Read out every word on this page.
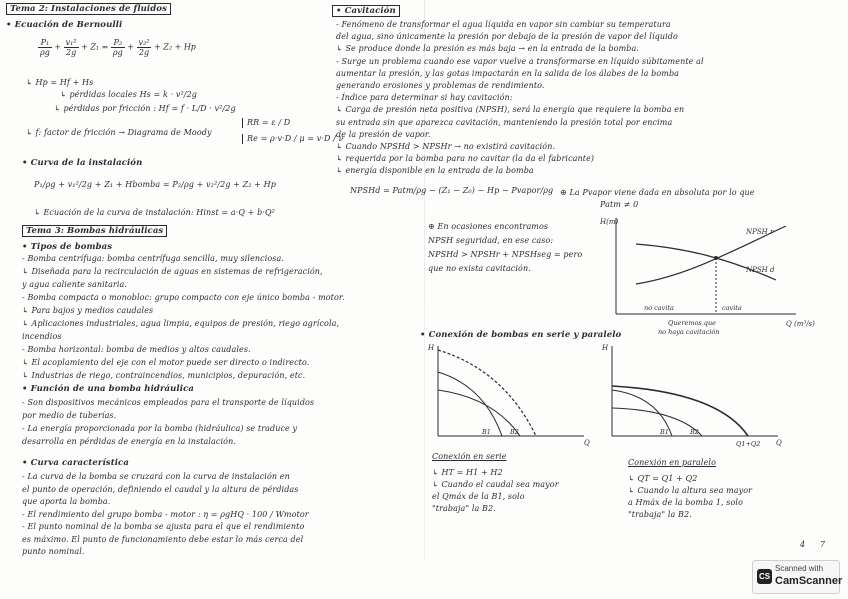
Tema 2: Instalaciones de fluidos
• Ecuación de Bernoulli
$\frac{\text{P₁}}{\rho g} + \frac{\text{v₁²}}{2g} + Z_1 = \frac{\text{P₂}}{\rho g} + \frac{\text{v₂²}}{2g} + Z_2 + Hp$
↳ Hp = Hf + Hs
↳ pérdidas locales Hs = k · v²/2g
↳ pérdidas por fricción : Hf = f · L/D · v²/2g
↳ f: factor de fricción → Diagrama de Moody
RR = ε / D
Re = ρ·v·D / μ = v·D / ν
• Curva de la instalación
P₁/ρg + v₁²/2g + Z₁ + Hbomba = P₂/ρg + v₂²/2g + Z₂ + Hp
↳ Ecuación de la curva de instalación: Hinst = a·Q + b·Q²
Tema 3: Bombas hidráulicas
• Tipos de bombas
- Bomba centrífuga: bomba centrífuga sencilla, muy silenciosa.
↳ Diseñada para la recirculación de aguas en sistemas de refrigeración,
y agua caliente sanitaria.
- Bomba compacta o monobloc: grupo compacto con eje único bomba - motor.
↳ Para bajos y medios caudales
↳ Aplicaciones industriales, agua limpia, equipos de presión, riego agrícola,
incendios
- Bomba horizontal: bomba de medios y altos caudales.
↳ El acoplamiento del eje con el motor puede ser directo o indirecto.
↳ Industrias de riego, contraincendios, municipios, depuración, etc.
• Función de una bomba hidráulica
- Son dispositivos mecánicos empleados para el transporte de líquidos
por medio de tuberías.
- La energía proporcionada por la bomba (hidráulica) se traduce y
desarrolla en pérdidas de energía en la instalación.
• Curva característica
- La curva de la bomba se cruzará con la curva de instalación en
el punto de operación, definiendo el caudal y la altura de pérdidas
que aporta la bomba.
- El rendimiento del grupo bomba - motor : η = ρgHQ · 100 / Wmotor
- El punto nominal de la bomba se ajusta para el que el rendimiento
es máximo. El punto de funcionamiento debe estar lo más cerca del
punto nominal.
• Cavitación
- Fenómeno de transformar el agua líquida en vapor sin cambiar su temperatura
del agua, sino únicamente la presión por debajo de la presión de vapor del líquido
↳ Se produce donde la presión es más baja → en la entrada de la bomba.
- Surge un problema cuando ese vapor vuelve a transformarse en líquido súbitamente al
aumentar la presión, y las gotas impactarán en la salida de los álabes de la bomba
generando erosiones y problemas de rendimiento.
- Índice para determinar si hay cavitación:
↳ Carga de presión neta positiva (NPSH), será la energía que requiere la bomba en
su entrada sin que aparezca cavitación, manteniendo la presión total por encima
de la presión de vapor.
↳ Cuando NPSHd > NPSHr → no existirá cavitación.
↳ requerida por la bomba para no cavitar (la da el fabricante)
↳ energía disponible en la entrada de la bomba
NPSHd = Patm/ρg − (Z₁ − Z₀) − Hp − Pvapor/ρg ⊕ La Pvapor viene dada en absoluta por lo que
Patm ≠ 0
⊕ En ocasiones encontramos
NPSH seguridad, en ese caso:
NPSHd > NPSHr + NPSHseg = pero
que no exista cavitación.
H(m)
Q (m³/s)
NPSH r
NPSH d
no cavita	cavita
Queremos que
no haya cavitación
• Conexión de bombas en serie y paralelo
H
Q
B1	B2
H
Q
B1	B2
Q1+Q2
Conexión en serie
↳ HT = H1 + H2
↳ Cuando el caudal sea mayor
el Qmáx de la B1, solo
"trabaja" la B2.
Conexión en paralelo
↳ QT = Q1 + Q2
↳ Cuando la altura sea mayor
a Hmáx de la bomba 1, solo
"trabaja" la B2.
4 7
CS
Scanned with
CamScanner
